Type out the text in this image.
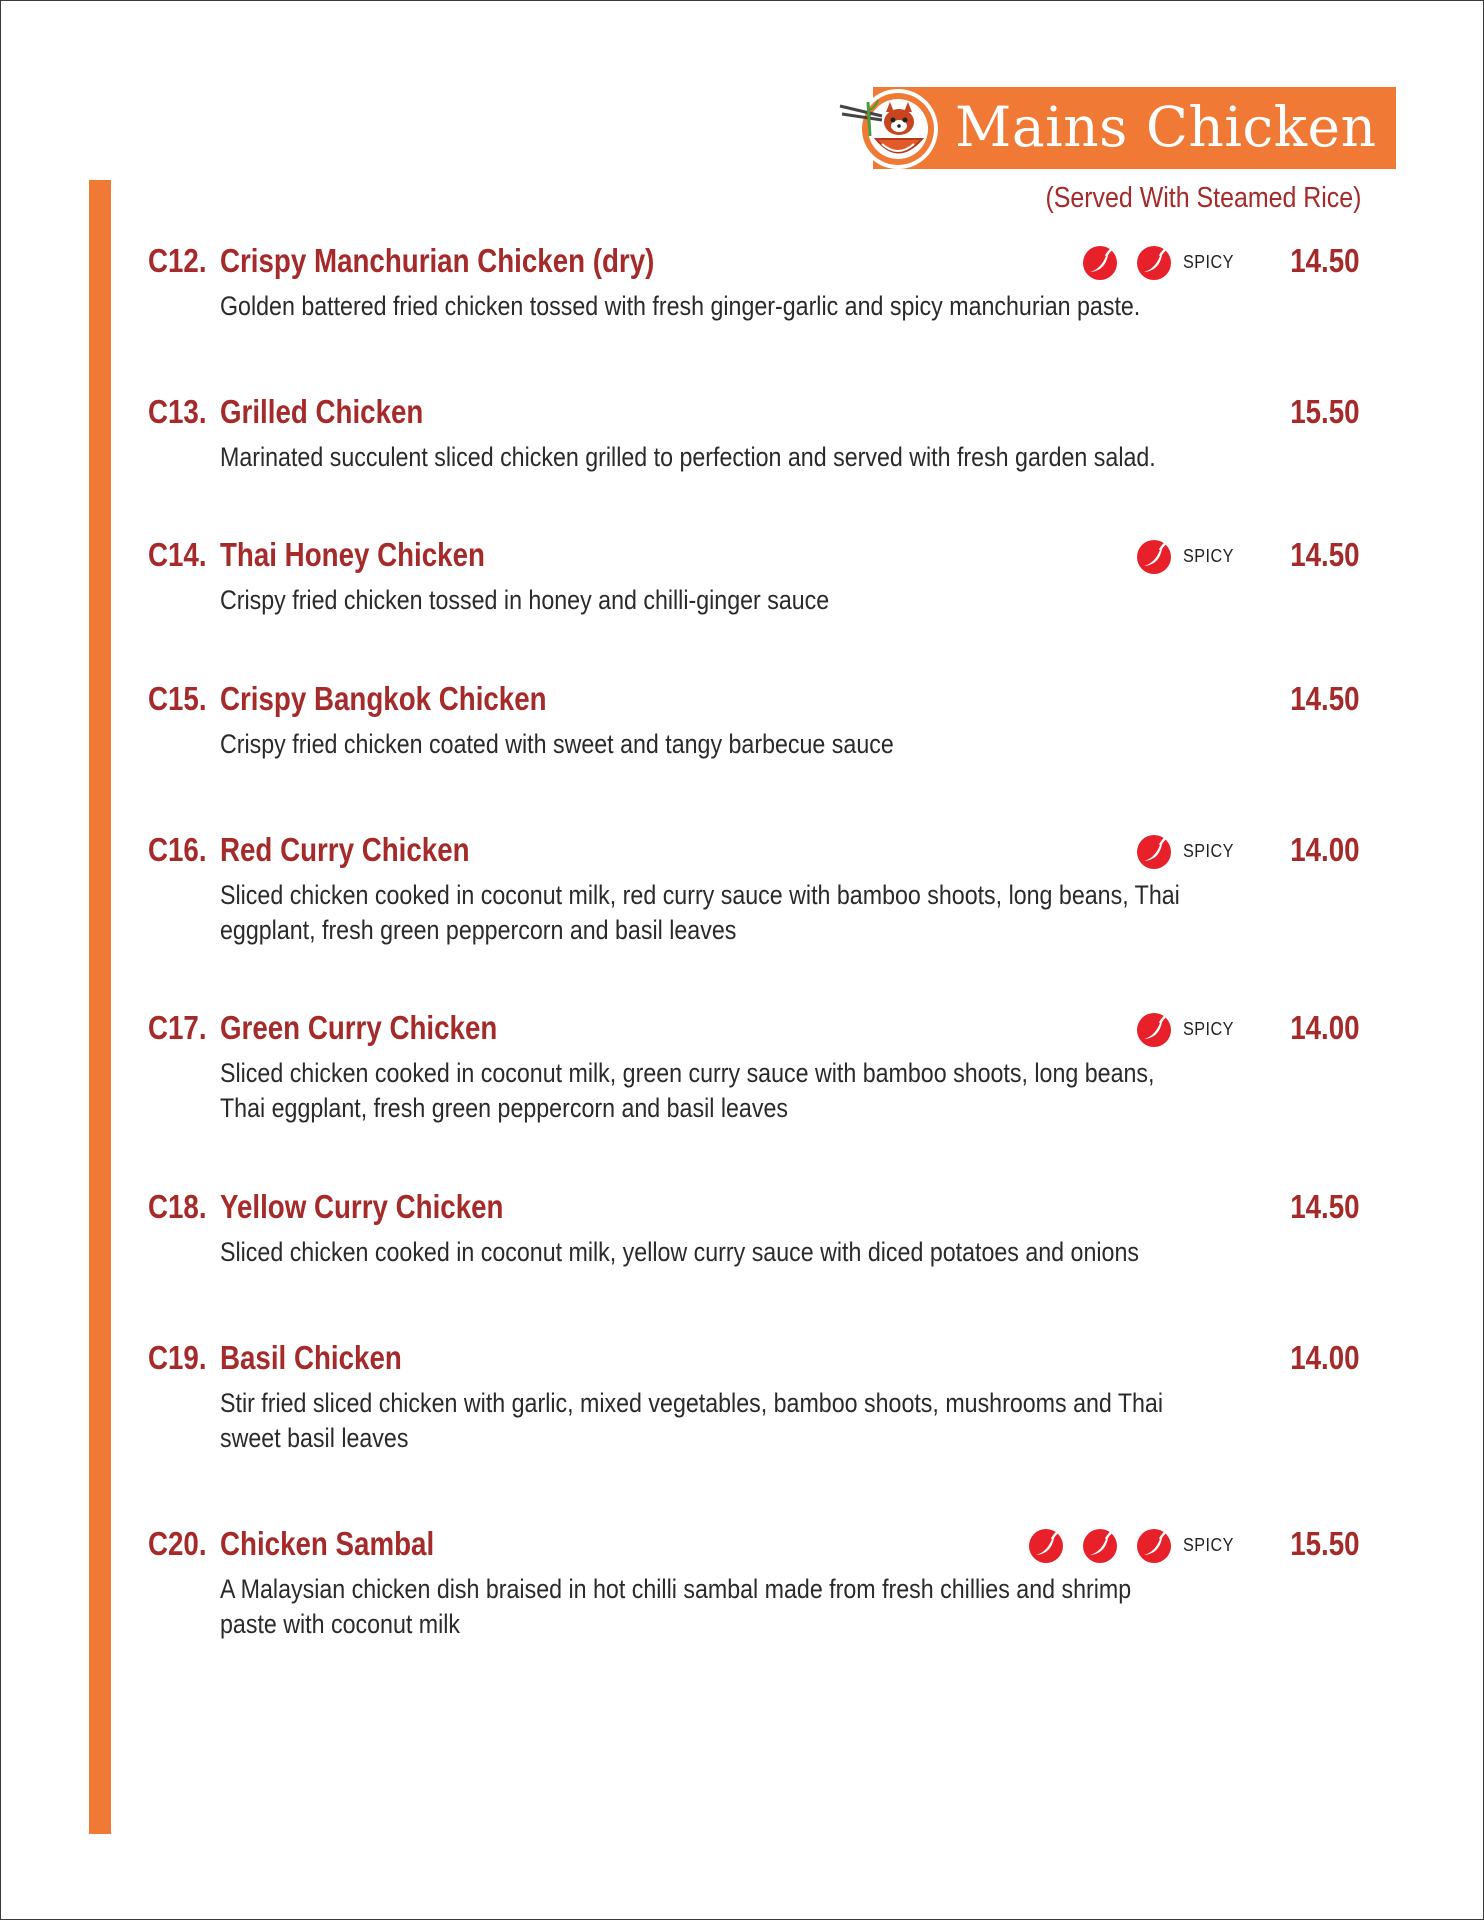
Mains Chicken
(Served With Steamed Rice)
C12. Crispy Manchurian Chicken (dry)	SPICY 14.50
Golden battered fried chicken tossed with fresh ginger-garlic and spicy manchurian paste.
C13. Grilled Chicken	15.50
Marinated succulent sliced chicken grilled to perfection and served with fresh garden salad.
C14. Thai Honey Chicken	SPICY 14.50
Crispy fried chicken tossed in honey and chilli-ginger sauce
C15. Crispy Bangkok Chicken	14.50
Crispy fried chicken coated with sweet and tangy barbecue sauce
C16. Red Curry Chicken	SPICY 14.00
Sliced chicken cooked in coconut milk, red curry sauce with bamboo shoots, long beans, Thai eggplant, fresh green peppercorn and basil leaves
C17. Green Curry Chicken	SPICY 14.00
Sliced chicken cooked in coconut milk, green curry sauce with bamboo shoots, long beans, Thai eggplant, fresh green peppercorn and basil leaves
C18. Yellow Curry Chicken	14.50
Sliced chicken cooked in coconut milk, yellow curry sauce with diced potatoes and onions
C19. Basil Chicken	14.00
Stir fried sliced chicken with garlic, mixed vegetables, bamboo shoots, mushrooms and Thai sweet basil leaves
C20. Chicken Sambal	SPICY 15.50
A Malaysian chicken dish braised in hot chilli sambal made from fresh chillies and shrimp paste with coconut milk
